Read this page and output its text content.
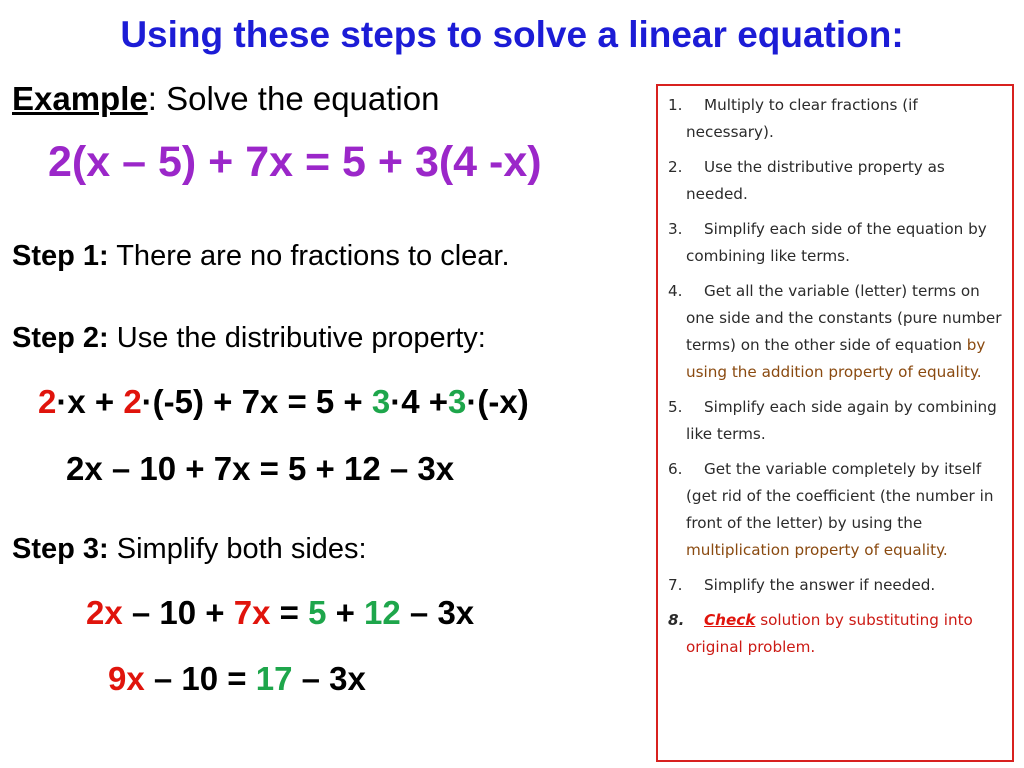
Using these steps to solve a linear equation:
Example: Solve the equation
2(x – 5) + 7x = 5 + 3(4 -x)
Step 1: There are no fractions to clear.
Step 2: Use the distributive property:
2·x + 2·(-5) + 7x = 5 + 3·4 +3·(-x)
2x – 10 + 7x = 5 + 12 – 3x
Step 3: Simplify both sides:
2x – 10 + 7x = 5 + 12 – 3x
9x – 10 = 17 – 3x
1. Multiply to clear fractions (if necessary).
2. Use the distributive property as needed.
3. Simplify each side of the equation by combining like terms.
4. Get all the variable (letter) terms on one side and the constants (pure number terms) on the other side of equation by using the addition property of equality.
5. Simplify each side again by combining like terms.
6. Get the variable completely by itself (get rid of the coefficient (the number in front of the letter) by using the multiplication property of equality.
7. Simplify the answer if needed.
8. Check solution by substituting into original problem.
